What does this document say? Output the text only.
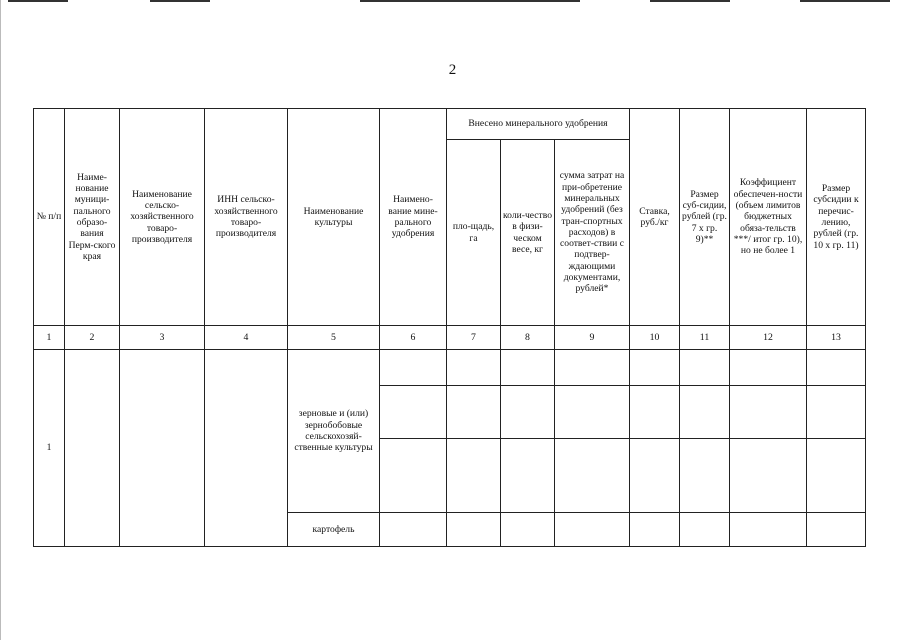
2
№ п/п	Наиме-нование муници-пального образо-вания Перм-ского края	Наименование сельско-хозяйственного товаро-производителя	ИНН сельско-хозяйственного товаро-производителя	Наименование культуры	Наимено-вание мине-рального удобрения	Внесено минерального удобрения			Ставка, руб./кг	Размер суб-сидии, рублей (гр. 7 x гр. 9)**	Коэффициент обеспечен-ности (объем лимитов бюджетных обяза-тельств ***/ итог гр. 10), но не более 1	Размер субсидии к перечис-лению, рублей (гр. 10 x гр. 11)
						пло-щадь, га	коли-чество в физи-ческом весе, кг	сумма затрат на при-обретение минеральных удобрений (без тран-спортных расходов) в соответ-ствии с подтвер-ждающими документами, рублей*				
1	2	3	4	5	6	7	8	9	10	11	12	13
1				зерновые и (или) зернобобовые сельскохозяй-ственные культуры								

				картофель								
